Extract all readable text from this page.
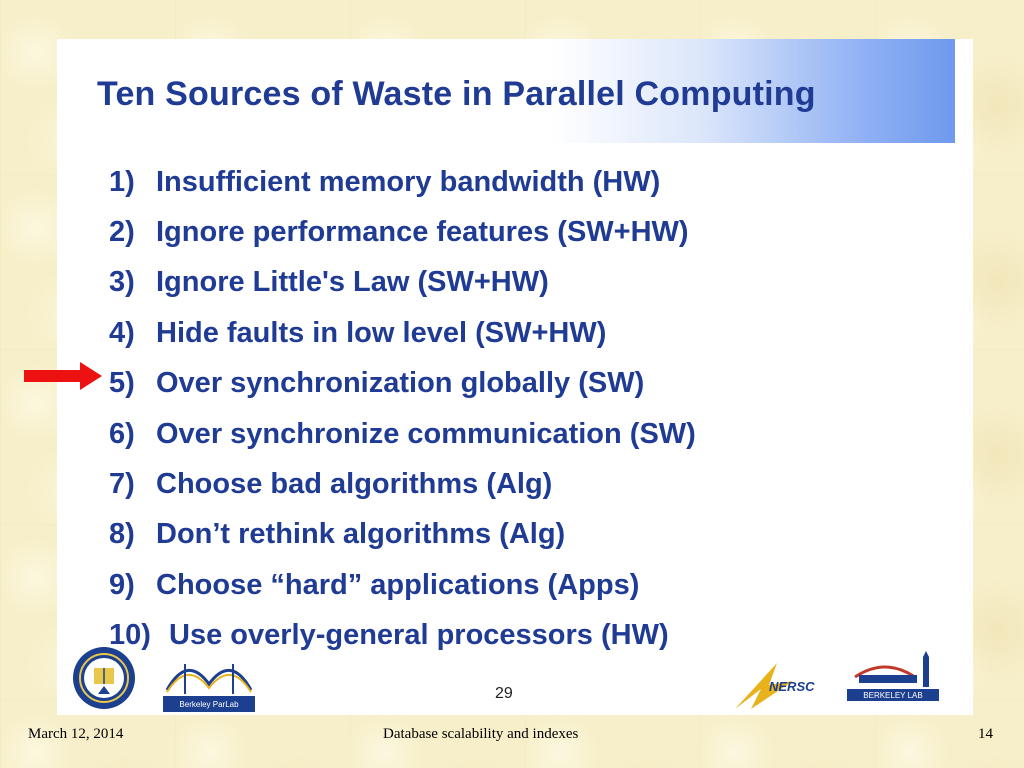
Ten Sources of Waste in Parallel Computing
1) Insufficient memory bandwidth (HW)
2) Ignore performance features (SW+HW)
3) Ignore Little's Law (SW+HW)
4) Hide faults in low level (SW+HW)
5) Over synchronization globally (SW)
6) Over synchronize communication (SW)
7) Choose bad algorithms (Alg)
8) Don’t rethink algorithms (Alg)
9) Choose “hard” applications (Apps)
10) Use overly-general processors (HW)
Berkeley ParLab
29	NERSC
BERKELEY LAB
March 12, 2014	Database scalability and indexes	14
